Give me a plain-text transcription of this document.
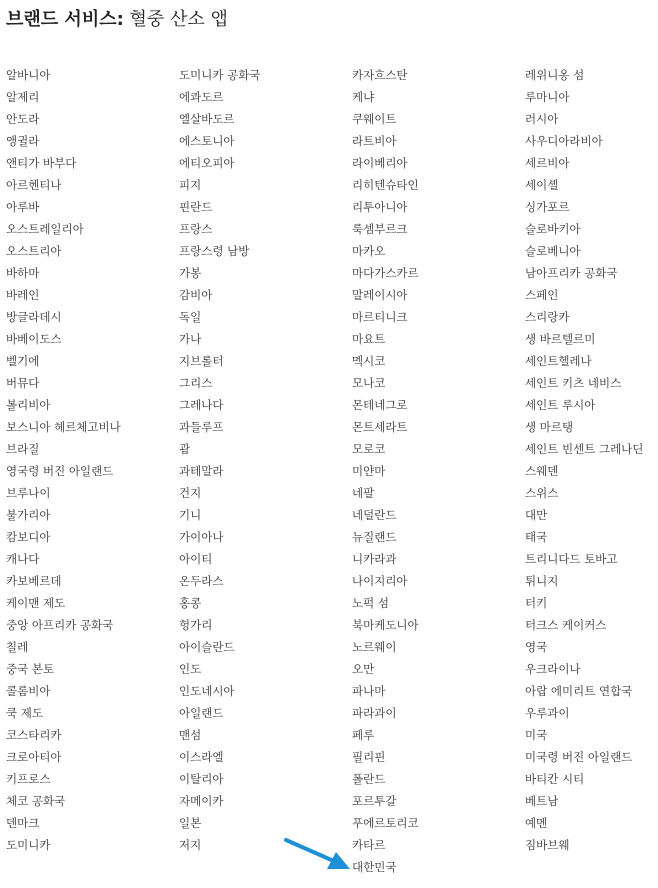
브랜드 서비스: 혈중 산소 앱
알바니아
알제리
안도라
앵귈라
앤티가 바부다
아르헨티나
아루바
오스트레일리아
오스트리아
바하마
바레인
방글라데시
바베이도스
벨기에
버뮤다
볼리비아
보스니아 헤르체고비나
브라질
영국령 버진 아일랜드
브루나이
불가리아
캄보디아
캐나다
카보베르데
케이맨 제도
중앙 아프리카 공화국
칠레
중국 본토
콜롬비아
쿡 제도
코스타리카
크로아티아
키프로스
체코 공화국
덴마크
도미니카
도미니카 공화국
에콰도르
엘살바도르
에스토니아
에티오피아
피지
핀란드
프랑스
프랑스령 남방
가봉
감비아
독일
가나
지브롤터
그리스
그레나다
과들루프
괌
과테말라
건지
기니
가이아나
아이티
온두라스
홍콩
헝가리
아이슬란드
인도
인도네시아
아일랜드
맨섬
이스라엘
이탈리아
자메이카
일본
저지
카자흐스탄
케냐
쿠웨이트
라트비아
라이베리아
리히텐슈타인
리투아니아
룩셈부르크
마카오
마다가스카르
말레이시아
마르티니크
마요트
멕시코
모나코
몬테네그로
몬트세라트
모로코
미얀마
네팔
네덜란드
뉴질랜드
니카라과
나이지리아
노퍽 섬
북마케도니아
노르웨이
오만
파나마
파라과이
페루
필리핀
폴란드
포르투갈
푸에르토리코
카타르
대한민국
레위니옹 섬
루마니아
러시아
사우디아라비아
세르비아
세이셸
싱가포르
슬로바키아
슬로베니아
남아프리카 공화국
스페인
스리랑카
생 바르텔르미
세인트헬레나
세인트 키츠 네비스
세인트 루시아
생 마르탱
세인트 빈센트 그레나딘
스웨덴
스위스
대만
태국
트리니다드 토바고
튀니지
터키
터크스 케이커스
영국
우크라이나
아랍 에미리트 연합국
우루과이
미국
미국령 버진 아일랜드
바티칸 시티
베트남
예멘
짐바브웨
